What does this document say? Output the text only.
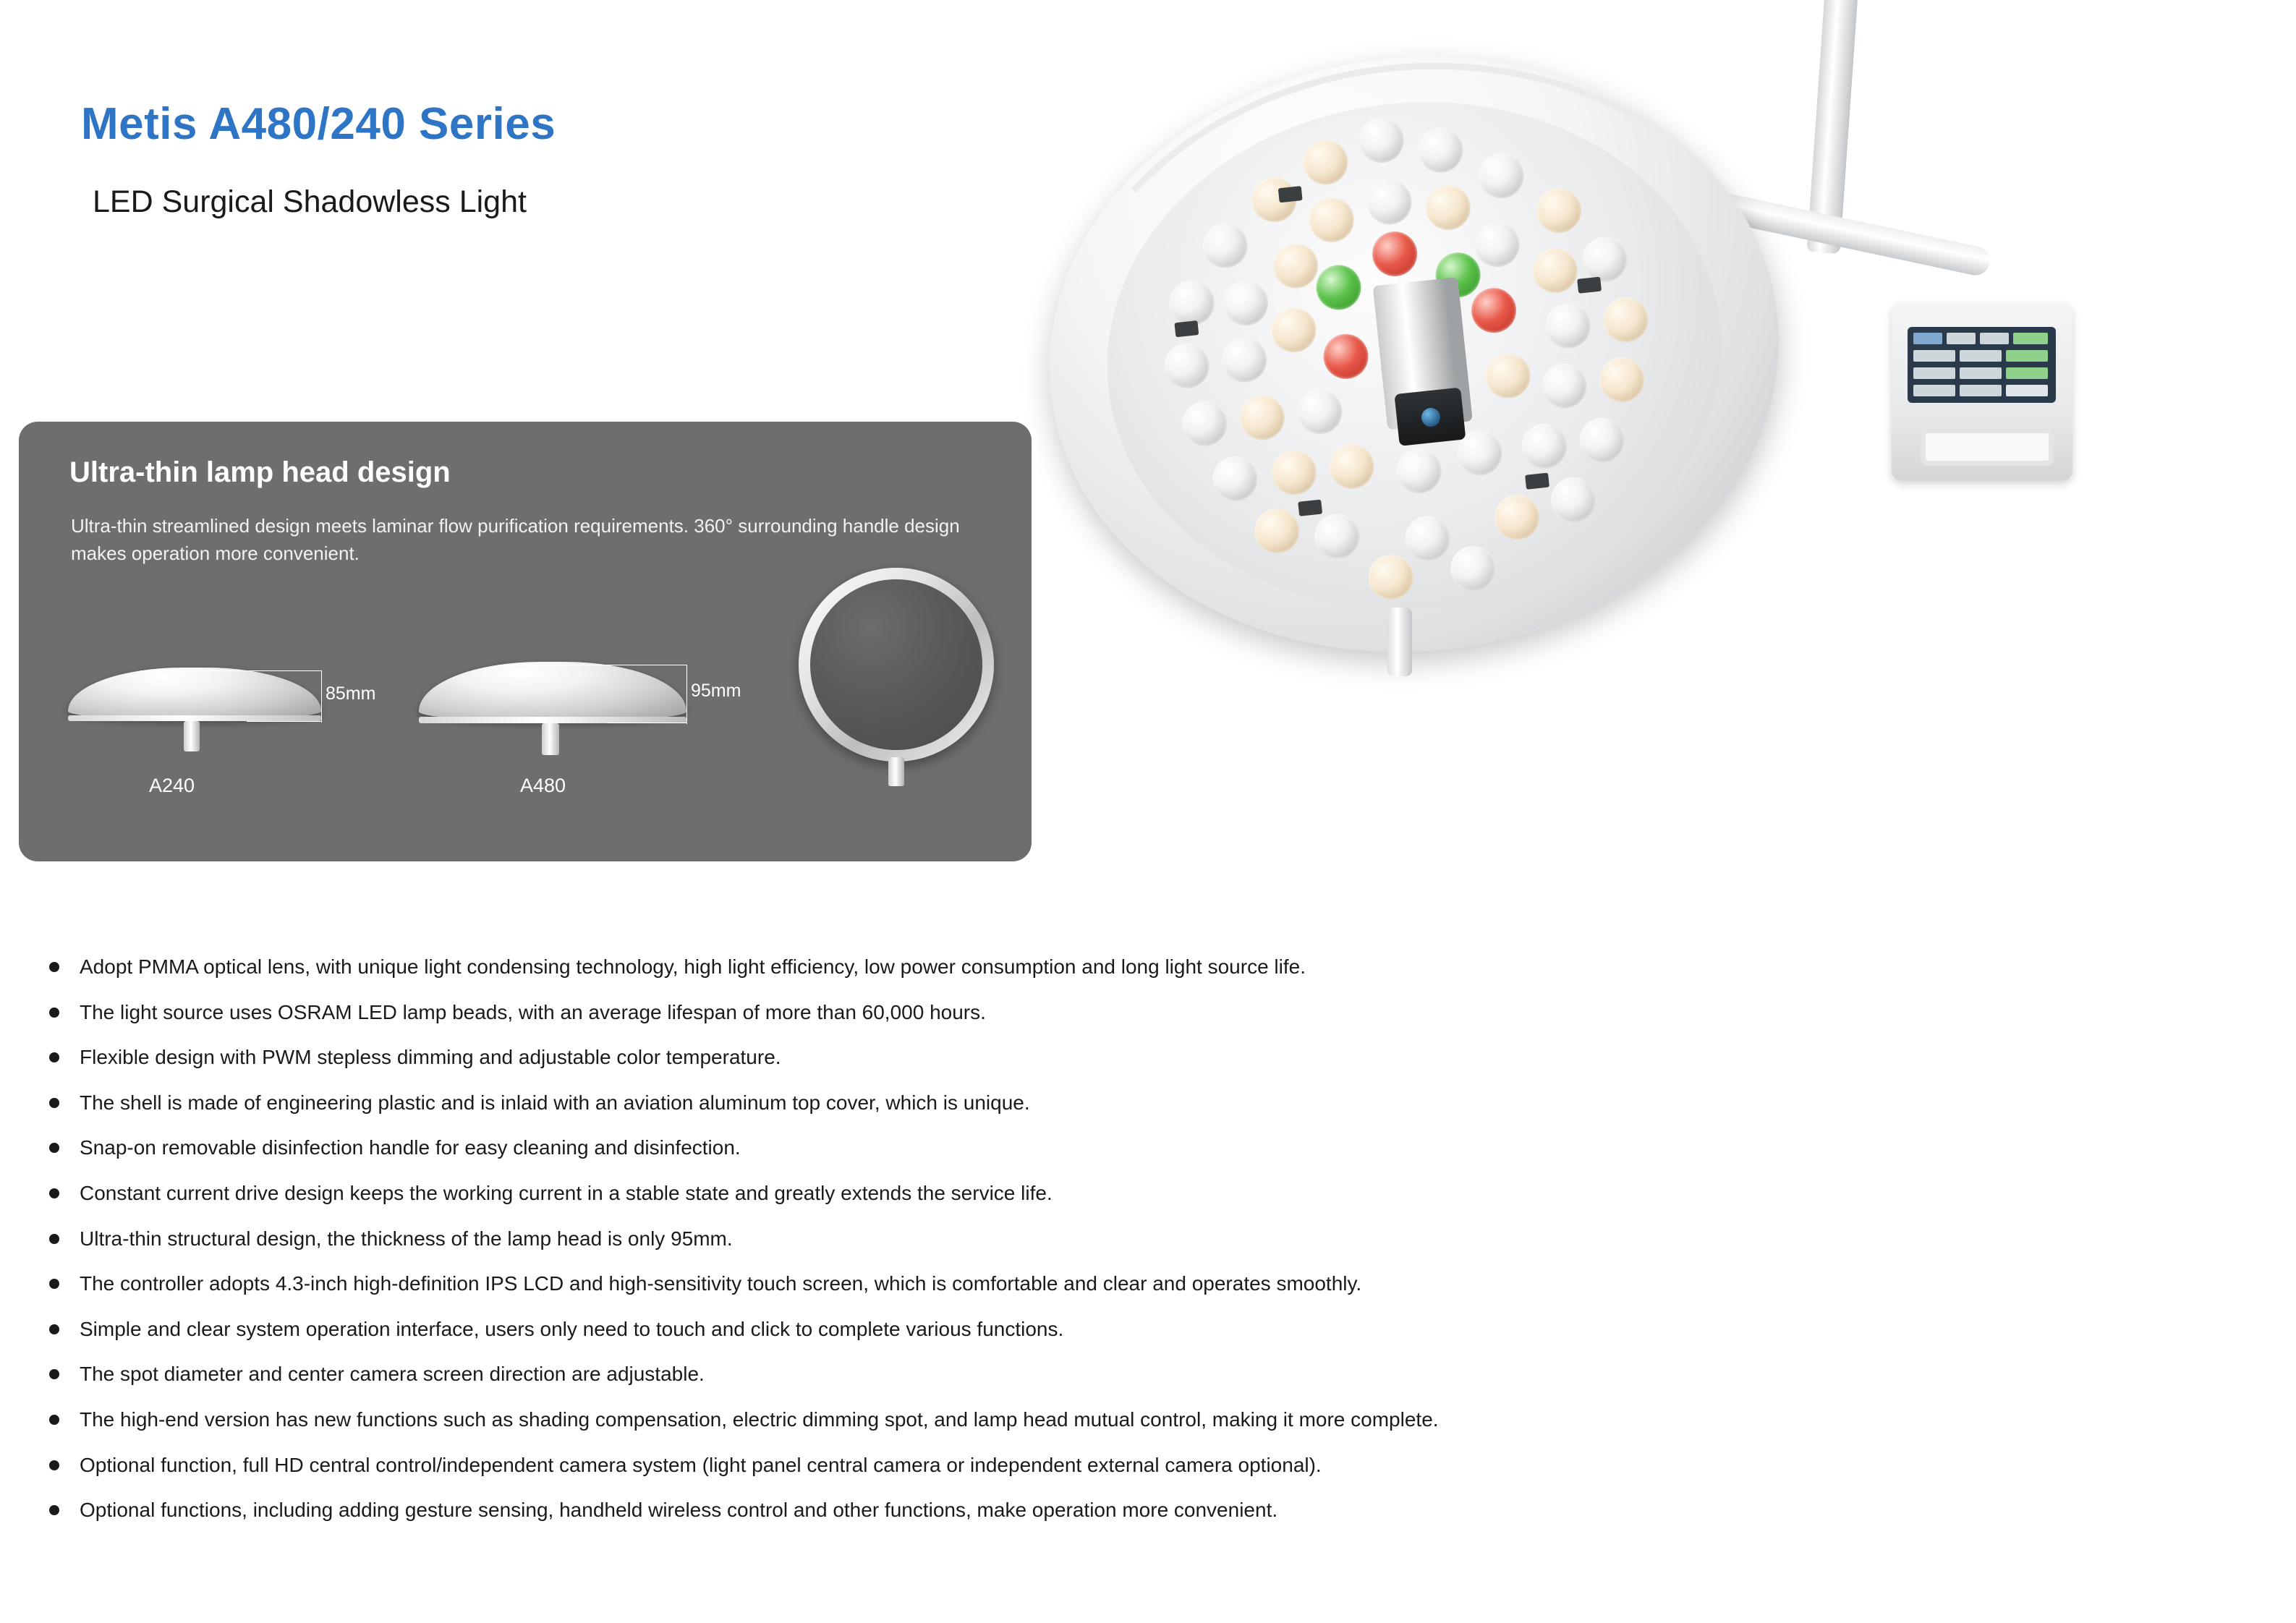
Metis A480/240 Series
LED Surgical Shadowless Light
Ultra-thin lamp head design
Ultra-thin streamlined design meets laminar flow purification requirements. 360° surrounding handle design makes operation more convenient.
85mm
A240
95mm
A480
Adopt PMMA optical lens, with unique light condensing technology, high light efficiency, low power consumption and long light source life.
The light source uses OSRAM LED lamp beads, with an average lifespan of more than 60,000 hours.
Flexible design with PWM stepless dimming and adjustable color temperature.
The shell is made of engineering plastic and is inlaid with an aviation aluminum top cover, which is unique.
Snap-on removable disinfection handle for easy cleaning and disinfection.
Constant current drive design keeps the working current in a stable state and greatly extends the service life.
Ultra-thin structural design, the thickness of the lamp head is only 95mm.
The controller adopts 4.3-inch high-definition IPS LCD and high-sensitivity touch screen, which is comfortable and clear and operates smoothly.
Simple and clear system operation interface, users only need to touch and click to complete various functions.
The spot diameter and center camera screen direction are adjustable.
The high-end version has new functions such as shading compensation, electric dimming spot, and lamp head mutual control, making it more complete.
Optional function, full HD central control/independent camera system (light panel central camera or independent external camera optional).
Optional functions, including adding gesture sensing, handheld wireless control and other functions, make operation more convenient.
